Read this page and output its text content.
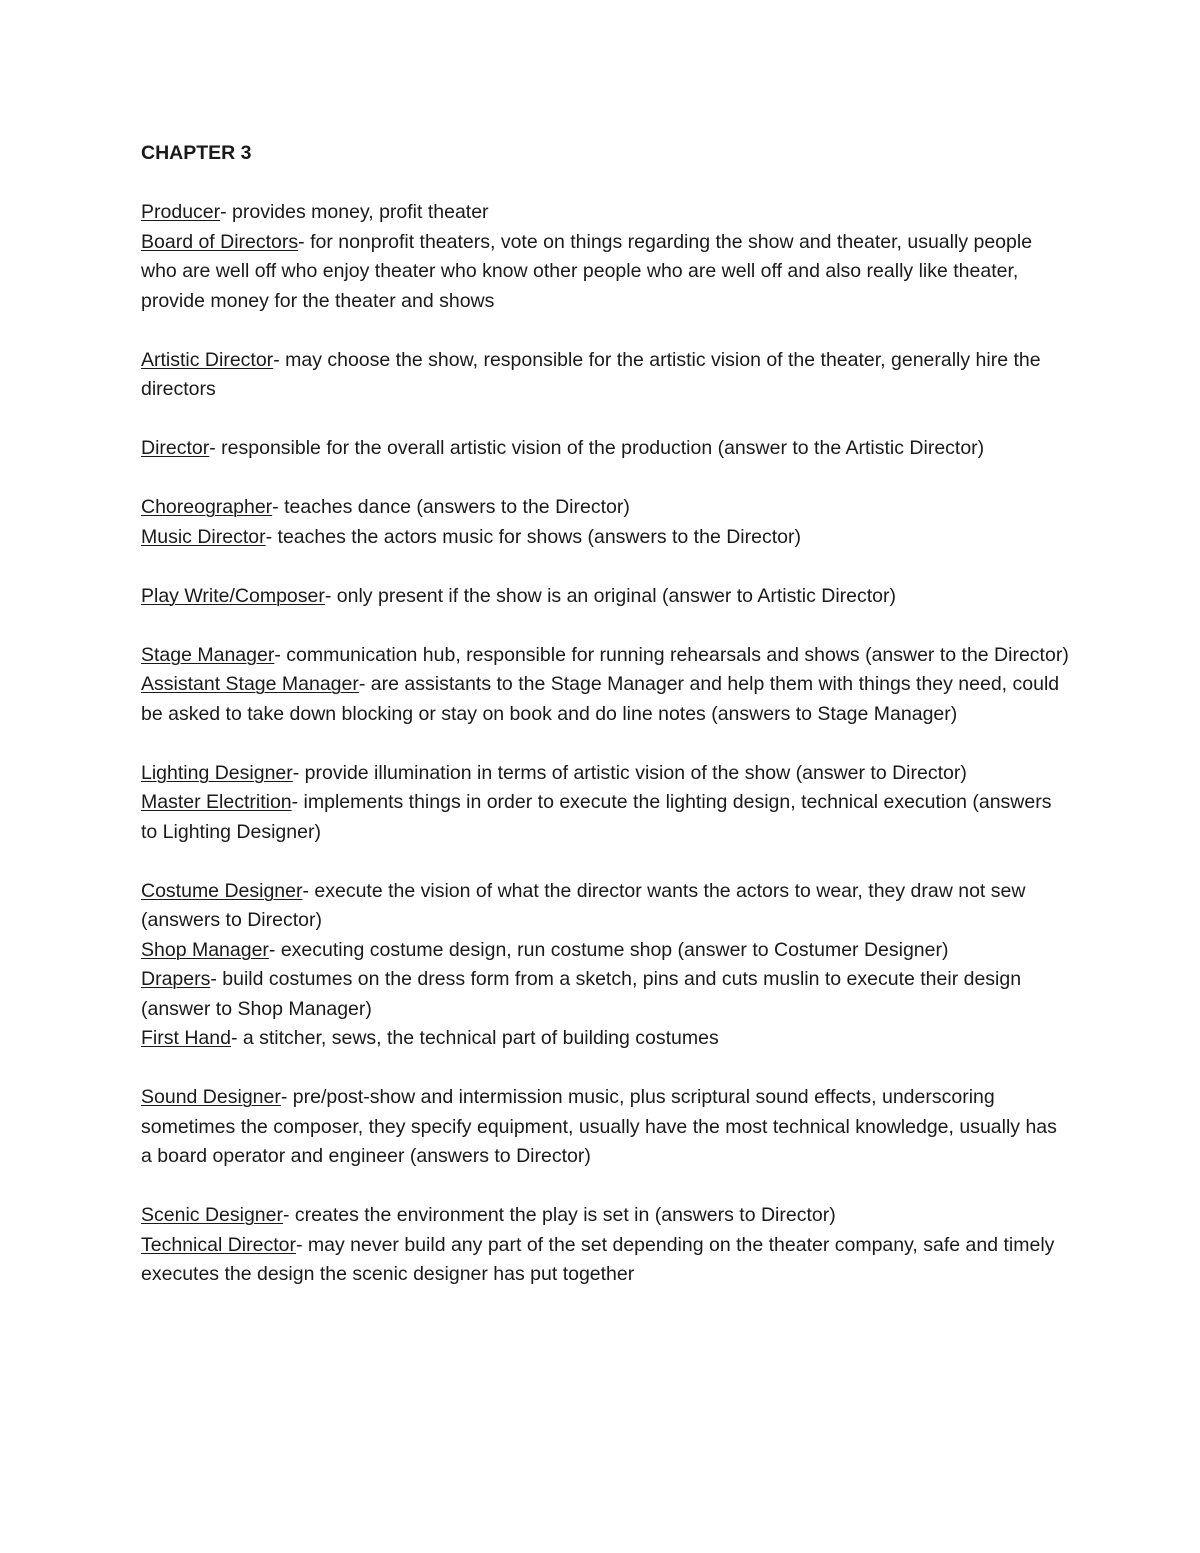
CHAPTER 3

Producer- provides money, profit theater

Board of Directors- for nonprofit theaters, vote on things regarding the show and theater, usually people who are well off who enjoy theater who know other people who are well off and also really like theater, provide money for the theater and shows

Artistic Director- may choose the show, responsible for the artistic vision of the theater, generally hire the directors

Director- responsible for the overall artistic vision of the production (answer to the Artistic Director)

Choreographer- teaches dance (answers to the Director)

Music Director- teaches the actors music for shows (answers to the Director)

Play Write/Composer- only present if the show is an original (answer to Artistic Director)

Stage Manager- communication hub, responsible for running rehearsals and shows (answer to the Director)

Assistant Stage Manager- are assistants to the Stage Manager and help them with things they need, could be asked to take down blocking or stay on book and do line notes (answers to Stage Manager)

Lighting Designer- provide illumination in terms of artistic vision of the show (answer to Director)

Master Electrition- implements things in order to execute the lighting design, technical execution (answers to Lighting Designer)

Costume Designer- execute the vision of what the director wants the actors to wear, they draw not sew (answers to Director)

Shop Manager- executing costume design, run costume shop (answer to Costumer Designer)

Drapers- build costumes on the dress form from a sketch, pins and cuts muslin to execute their design (answer to Shop Manager)

First Hand- a stitcher, sews, the technical part of building costumes

Sound Designer- pre/post-show and intermission music, plus scriptural sound effects, underscoring sometimes the composer, they specify equipment, usually have the most technical knowledge, usually has a board operator and engineer (answers to Director)

Scenic Designer- creates the environment the play is set in (answers to Director)

Technical Director- may never build any part of the set depending on the theater company, safe and timely executes the design the scenic designer has put together
